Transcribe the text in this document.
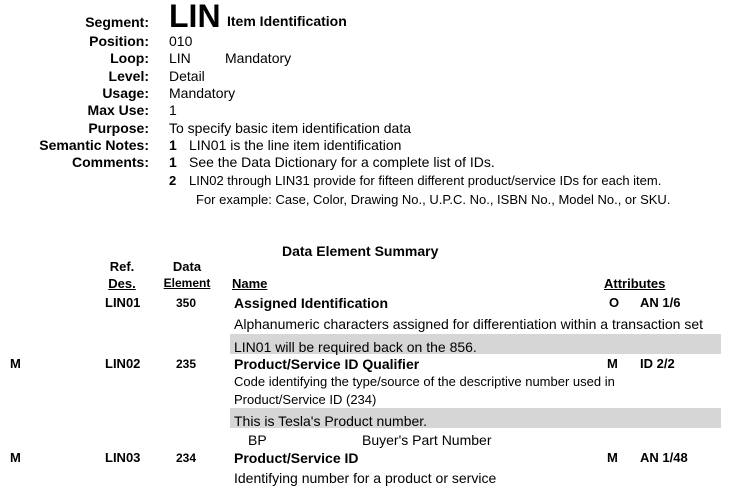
Segment: LIN Item Identification
Position: 010
Loop: LIN Mandatory
Level: Detail
Usage: Mandatory
Max Use: 1
Purpose: To specify basic item identification data
Semantic Notes: 1 LIN01 is the line item identification
Comments: 1 See the Data Dictionary for a complete list of IDs.
2 LIN02 through LIN31 provide for fifteen different product/service IDs for each item.
For example: Case, Color, Drawing No., U.P.C. No., ISBN No., Model No., or SKU.
Data Element Summary
Ref.
Des.
Data
Element Name	Attributes
LIN01	350	Assigned Identification	O AN 1/6
Alphanumeric characters assigned for differentiation within a transaction set
LIN01 will be required back on the 856.
M	LIN02	235	Product/Service ID Qualifier	M ID 2/2
Code identifying the type/source of the descriptive number used in
Product/Service ID (234)
This is Tesla's Product number.
BP	Buyer's Part Number
M	LIN03	234	Product/Service ID	M AN 1/48
Identifying number for a product or service
